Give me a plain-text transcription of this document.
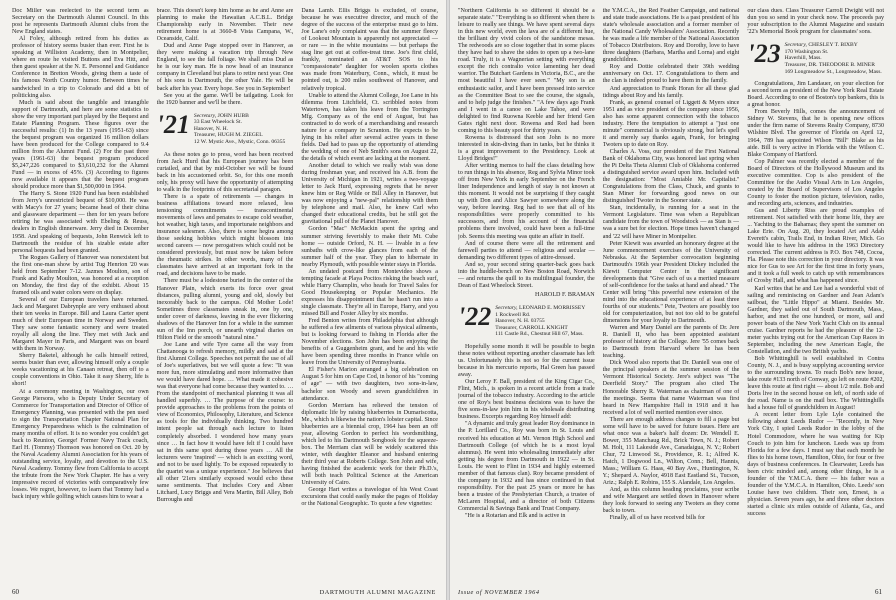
Doc Miller was reelected to the second term as Secretary on the Dartmouth Alumni Council. In this post he represents Dartmouth Alumni clubs from the New England states.

Al Foley, although retired from his duties as professor of history seems busier than ever. First he is speaking at Williston Academy, then in Montpelier, where en route he visited Buttons and Eva Hitt, and then guest speaker at the N. E. Personnel and Guidance Conference in Bretton Woods, giving them a taste of his famous North Country humor. Between times he sandwiched in a trip to Colorado and did a bit of politicking also.

Much is said about the tangible and intangible support of Dartmouth, and here are some statistics to show the very important part played by the Bequest and Estate Planning Program. These figures over the successful results: (1) In the 13 years (1951-63) since the bequest program was organized 16 million dollars have been produced for the College compared to 9.4 million from the Alumni Fund. (2) For the past three years (1961-63) the bequest program produced $5,247,226 compared to $3,610,232 for the Alumni Fund — in excess of 45%. (3) According to figures now available it appears that the bequest program should produce more than $1,500,000 in 1964.

The Harry S. Stone 1920 Fund has been established from Jerry's unrestricted bequest of $10,000. He was with Macy's for 27 years; became head of their china and glassware department — then for ten years before retiring he was associated with Ebeling & Reuss, dealers in English dinnerware. Jerry died in December 1958. And speaking of bequests, John Renwick left to Dartmouth the residue of his sizable estate after personal bequests had been granted.

The Rogues Gallery of Hanover was nonexistent but the first one-man show by artist Tug Henrion '20 was held from September 7-12. Jazmes Moulton, son of Frank and Kathy Moulton, was honored at a reception on Monday, the first day of the exhibit. About 15 framed oils and water colors were on display.

Several of our European travelers have returned. Jack and Margaret Dabrynple are very enthused about their ten weeks in Europe. Bill and Laura Carter spent much of their European time in Norway and Sweden. They saw some fantastic scenery and were treated royally all along the line. They met with Jack and Margaret Mayer in Paris, and Margaret was on board with them in Norway.

Sherry Baketel, although he calls himself retired, seems busier than ever, allowing himself only a couple weeks vacationing at his Canaan retreat, then off to a couple conventions in Ohio. Take it easy Sherry, life is short!

At a ceremony meeting in Washington, our own George Piersons, who is Deputy Under Secretary of Commerce for Transportation and Director of Office of Emergency Planning, was presented with the pen used to sign the Transportation Chapter National Plan for Emergency Preparedness which is the culmination of many months of effort. It is no wonder you couldn't get back to Reunion, George! Former Navy Track coach, Earl H. (Tommy) Thomson was honored on Oct. 20 by the Naval Academy Alumni Association for his years of outstanding service, loyalty, and devotion to the U.S. Naval Academy. Tommy flew from California to accept the tribute from the New York Chapter. He has a very impressive record of victories with comparatively few losses. We regret, however, to learn that Tommy had a back injury while golfing which causes him to wear a

brace. This doesn't keep him home as he and Anne are planning to make the Hawaiian A.C.B.L. Bridge Championship early in November. Their new retirement home is at 3660-8 Vista Campana, W., Oceanside, Calif.

Dud and Anne Page stopped over in Hanover, as they were making a vacation trip through New England, to see the fall foliage. We shall miss Dud as he is our key man. He is now head of an insurance company in Cleveland but plans to retire next year. One of his sons is Dartmouth, the other Yale. He will be back after his year. Every hope. See you in September!

See you at the game. We'll be tailgating. Look for the 1920 banner and we'll be there.

'21 Secretary, JOHN HUBB
33 East Wheelock St.
Hanover, N. H.
Treasurer, HUGH M. ZIEGEL
12 W. Mystic Ave., Mystic, Conn. 06355

As these notes go to press, word has been received from Jack Hurd that his European journey has been curtailed, and that by mid-October we will be found back in his accustomed orbit. So, for this one month only, his proxy will have the opportunity of attempting to walk in the footprints of this secretarial paragon.

There is a spate of retirements — changes in business affiliations toward more relaxed, less tensioning commitments — transcontinental movements of laws and penates to escape cold weather, hot weather, high taxes, and importunate neighbors and insurance salesmen. Also, there is some hegira among those seeking hobbies which might blossom into second careers — now perogatives which could not be considered previously, but must now be taken before the rheumatic strikes. In other words, many of the classmates have arrived at an important fork in the road, and decisions have to be made.

There must be a lodestone buried in the center of the Hanover Plain, which exerts its force over great distances, pulling alumni, young and old, slowly but inexorably back to the campus. Old Mother Lode! Sometimes three classmates sneak in, one by one, under cover of darkness, leaving in the ever flickering shadows of the Hanover Inn for a while in the summer sun of the Inn porch, or unearth virginal diaries on Hilton Field or the smooth "natural nine."

Joe Lane and wife Tyre came all the way from Chattanooga to refresh memory, mildly and said at the first Alumni College. Speeches not permit the use of all of Joe's superlatives, but we will quote a few: "It was more fun, more stimulating and more informative than we would have dared hope. … What made it cohesive was that everyone had come because they wanted to. … From the standpoint of mechanical planning it was all handled superbly. … The purpose of the course: to provide approaches to the problems from the points of view of Economics, Philosophy, Literature, and Science as tools for the individually thinking. Two hundred intent people sat through each lecture to listen completely absorbed. I wondered how many years since … In fact how it would have felt if I could have sat in this same spot during those years … All the lecturers were 'inspired' — which is an exciting word, and not to be used lightly. To be exposed repeatedly to the quartet was a unique experience." Joe believes that all other '21ers similarly exposed would echo these same sentiments. That includes Cory and Abner Litchard, Lucy Briggs and Vera Martin, Bill Alley, Bob Burroughs and

Dana Lamb. Ellis Briggs is excluded, of course, because he was executive director, and much of the degree of the success of the enterprise must go to him. Joe Lane's only complaint was that the summer fleecy of Lookout Mountain is apparently not appreciated — or rare — in the white mountains — but perhaps the stag line get out at coffee-treat time. Joe's first child, frankly, nominated an AT&T SOS to his "compassionate" daughter for woolen sports clothes was made from Waterbury, Conn., which, it must be pointed out, is 200 miles southwest of Hanover, and relatively tropical.

Unable to attend the Alumni College, Joe Lane in his dilemma from Litchfield, Ct. scribbled notes from Watertown, has taken his leave from the Torrington Mfg. Company as of the end of August, but has contracted to do work of a merchandising and research nature for a company in Scranton. He expects to be lying in his relief after several active years in these fields. Dad had to pass up the opportunity of attending the wedding of one of Neb Smith's sons on August 22, the details of which event are lacking at the moment.

Another detail to which we really wish was done during freshman year, and received his A.B. from the University of Michigan in 1921, writes a two-voyage letter to Jack Hurd, expressing regrets that he never knew him or Reg Wilde or Bill Alley in Hanover, but was now enjoying a "new-pal" relationship with them by telephone and mail. Also, he knew Carl who changed their educational credits, but he still got the gravitational pull of the Planet Hanover.

Gordon "Mac" McMackin spent the spring and summer striving feverishly to make their Mt. Cube home — outside Orford, N. H. — livable in a few sunbaths with crow-like glances from each of the summer half of the year. They plan to hibernate in nearby Plymouth, with possible winter stays in Florida.

An undated postcard from Montevideo shows a tempting facade at Playa Pocitos risking the beach surf, while Harry Champlin, who heads for Travel Sales for Good Housekeeping or Popular Mechanics. He expresses his disappointment that he hasn't run into a single classmate. They're all in Europe, Harry, and you missed Bill and Foster Alley by six months.

Fred Benton writes from Philadelphia that although he suffered a few ailments of various physical ailments, but is looking forward to fishing in Florida after the November elections. Son John has been enjoying the benefits of a Guggenheim grant, and he and his wife have been spending three months in France while on leave from the University of Pennsylvania.

El Fisher's Marion arranged a big celebration on August 5 for him on Cape Cod, in honor of his "coming of age" — with two daughters, two sons-in-law, bachelor son Woody and seven grandchildren in attendance.

Gordon Merriam has relieved the tension of diplomatic life by raising blueberries in Dumariscotta, Me., which is likewise the nation's lobster capital. Since blueberries are a biennial crop, 1964 has been an off year, allowing Gordon to perfect his wordsmithing, which led to his Dartmouth Songbook for the squeeze-box. The Merriam clan will be widely scattered this winter, with daughter Eleanor and husband entering their third year at Roberts College. Son John and wife, having finished the academic work for their Ph.D.'s, will both teach Political Science at the American University of Cairo.

George Hart writes a travelogue of his West Coast excursions that could easily make the pages of Holiday or the National Geographic. To quote a few vignettes:

60	DARTMOUTH ALUMNI MAGAZINE

"Northern California is so different it should be a separate state." "Everything is so different when there is leisure to really see things. We have spent several days in this new world, even the lava are of a different hue, the brilliant dry vivid colors of the sandstone mesas. The redwoods are so close together that in some places they have had to shave the sides to open up a two-lane road. Truly, it is a Wagnerian setting with everything except the rich contralto voice lamenting her dead warrior. The Butchart Gardens in Victoria, B.C., are the most beautiful I have ever seen." "My son is an enthusiastic sailor, and I have been pressed into service as the Committee Boat to see the course, the signals, and to help judge the finishes." "A few days ago Frank and I went in a canoe on Lake Tahoe, and were delighted to find Ruowna Keeble and her friend Gen Gates right next door. Rowena and Red had been coming to this beauty spot for thirty years.

Rowena is distressed that son John is no more interested in skin-diving than in tanks, but he thinks it is a great improvement to the Presidency. Look at Lloyd Bridges!"

After writing memos to half the class detailing how to run things in his absence, Reg and Sylvia Minor took off from New York in early September on the French liner Independence and length of stay is not known at this moment. It would not be surprising if they caught up with Don and Alice Sawyer somewhere along the way, before leaving. Reg had to see that all of his responsibilities were properly committed to his successors, and from his account of the financial problems there involved, could have been a full-time job. Seems this meeting was quite an affair in itself.

And of course there were all the retirement and farewell parties to attend — religious and secular — demanding two different types of attire-dressed.

And so, your second string quarter-back goes back into the huddle-bench on New Boston Road, Norwich — and returns the quill to its multilingual founder, the Dean of East Wheelock Street.

HAROLD F. BRAMAN
'22 Secretary, LEONARD E. MORRISSEY
1 Rockwell Rd.
Hanover, N. H. 03755
Treasurer, CARROLL KNIGHT
111 Castle Rd., Chestnut Hill 67, Mass.

Hopefully some month it will be possible to begin these notes without reporting another classmate has left us. Unfortunately this is not so for the current issue because in his mercurio reports, Hal Green has passed away.

Our Leroy F. Ball, president of the King Cigar Co., Flint, Mich., is spoken in a recent article from a trade journal of the tobacco industry. According to the article one of Roy's best business decisions was to have the five sons-in-law join him in his wholesale distributing business. Excerpts regarding Roy himself add:

"A dynamic and truly great leader Roy dominance in the P. Lorillard Co., Roy was born in St. Louis and received his education at Mt. Vernon High School and Dartmouth College (of which he is a most loyal alumnus). He went into wholesaling immediately after getting his degree from Dartmouth in 1922 — in St. Louis. He went to Flint in 1934 and highly esteemed member of that famous clan). Roy became president of the company in 1932 and has since continued in that responsibility. For the past 25 years or more he has been a trustee of the Presbyterian Church, a trustee of McLaren Hospital, and a director of both Citizens Commercial & Savings Bank and Trust Company.

"He is a Rotarian and Elk and is active in

the Y.M.C.A., the Red Feather Campaign, and national and state trade associations. He is a past president of his state's wholesale association and a former member of the National Candy Wholesalers' Association. Recently he was made a life member of the National Association of Tobacco Distributors. Roy and Dorothy, love to have three daughters (Barbara, Martha and Lorna) and eight grandchildren.

Roy and Dottie celebrated their 39th wedding anniversary on Oct. 17. Congratulations to them and the clan is indeed proud to have them in the family.

And appreciation to Frank Horan for all these glad tidings about Roy and his family.

Frank, as general counsel of Liggett & Myers since 1951 and as vice president of the company since 1956, also has some apparent connection with the tobacco industry. Here the temptation to attempt a "just one minute" commercial is obviously strong, but let's spell it and merely say thanks again, Frank, for bringing Twoters up to date on Roy.

Charles A. Voss, our president of the First National Bank of Oklahoma City, was honored last spring when the Pi Delta Theta Alumni Club of Oklahoma conferred a distinguished service award upon him. Included with the designation: "Most Amiable Mr. Capitalist." Congratulations from the Class, Chuck, and grants to Stan Miner for forwarding good news on our distinguished Twoter in the Sooner state.

Stan, incidentally, is running for a seat in the Vermont Legislature. Time was when a Republican candidate from the town of Woodstock — as Stan is — was a sure bet for election. Hope times haven't changed and '22 will have Miner in Montpelier.

Peter Kiewit was awarded an honorary degree at the June commencement exercises of the University of Nebraska. At the September convocation beginning Dartmouth's 196th year President Dickey included the Kiewit Computer Center in the significant developments that "Give each of us a merited measure of self-confidence for the tasks at hand and ahead." The Center will bring "this powerful new extension of the mind into the educational experience of at least three fourths of our students." Pete, Twoters are possibly too old for computerization, but not too old to be grateful dimensions for your loyalty to Dartmouth.

Warren and Mary Daniel are the parents of Dr. Jere R. Daniell II, who has been appointed assistant professor of history at the College. Jere '55 comes back to Dartmouth from Harvard where he has been teaching.

Dick Wood also reports that Dr. Daniell was one of the principal speakers at the summer session of the Vermont Historical Society. Jere's subject was "The Deerfield Story." The program also cited The Honorable Sherry R. Waterman as chairman of one of the meetings. Seems that name Waterman was first heard in New Hampshire Hall in 1918 and it has received a lot of well merited mention ever since.

There are enough address changes to fill a page but some will have to be saved for future issues. Here are what once was a baker's half dozen: Dr. Wendell E. Bower, 355 Manchaug Rd., Brick Town, N. J.; Robert M. Holt, 111 Lakeside Ave., Canadaigua, N. Y.; Robert Chur, 72 Linwood St., Providence, R. I.; Alfred K. Hatch, 1 Dogwood Ln., Wilton, Conn.; Bell, Hannis, Mass.; William G. Haas, 40 Bay Ave., Huntington, N. Y.; Shepard A. Naylor, 4918 East Eastland St., Tucson, Ariz.; Ralph E. Robins, 155 S. Alandale, Los Angeles.

And, as this column heading proclaims, your scribe and wife Margaret are settled down in Hanover where they look forward to seeing any Twoters as they come back to town.

Finally, all of us have received bills for

our class dues. Class Treasurer Carroll Dwight will not dun you so send in your check now. The proceeds pay your subscription to the Alumni Magazine and sustain '22's Memorial Book program for classmates' sons.

'23 Secretary, CHESLEY T. BIXBY
170 Washington St.
Haverhill, Mass.
Treasurer, DR. THEODORE B. MINER
169 Longmeadow St., Longmeadow, Mass.

Congratulations, Jim Landauer, on your election for a second term as president of the New York Real Estate Board. According to one of Boston's top bankers, this is a great honor.

From Beverly Hills, comes the announcement of Sidney W. Stevens, that he is opening new offices under the firm name of Stevens Realty Company, 8730 Wilshire Blvd. The governor of Florida on April 12, 1964, 789 has appointed Wilson "Bill" Blake as his aide. Bill is very active in Florida with the Wilson C. Blake Company of Hartford.

Cop Palmer was recently elected a member of the Board of Directors of the Hollywood Museum and its executive committee. Cop is also president of the Committee for the Audio Visual Arts in Los Angeles, created by the Board of Supervisors of Los Angeles County to foster the motion picture, television, radio, and recording arts, sciences, and industries.

Gus and Liberty Riss are proud examples of retirement. Not satisfied with their home life, they are ... Yachting to the Bahamas; they spent the summer on Lake Erie. On Aug. 20, they located Art and Adah Everett's cabin, Trails End, in Indian River, Mich. Go would like to have his address in the 1963 Directory corrected. The current address is P.O. Box 748, Cocoa, Fla. Please note this correction in your directory. It was nice for Gus to see Art for the first time in forty years, and it took a full week to catch up with remembrances of Crosby Hall, and what has happened since.

Karl writes that he and Lee had a wonderful visit of sailing and reminiscing on Gardner and Jean Adam's sailboat, the "Little Hippo" at Miami. Besides Mr. Gardner, they sailed out of South Dartmouth, Mass., harbor, and met the one hundred, or more, sail and power boats of the New York Yacht Club on its annual cruise. Gardner reports he had the pleasure of the 12-meter yachts trying out for the American Cup Races in September, including the new American Eagle, the Constellation, and the two British yachts.

Bob Whittinghill is well established in Contra County, N. J., and is busy supplying accounting service to the surrounding towns. To reach Bob's new house, take route #133 north of Conway, go left on route #202, leave this route at first right — about 1/2 mile. Bob and Doris live in the second house on left, of north side of the road. Name is on the mail box. The Whittinghills had a house full of grandchildren in August!

A recent letter from Lyle Lyle contained the following about Leeds Rudor — "Recently, in New York City, I spied Leeds Rudor in the lobby of the Hotel Commodore, where he was waiting for Kip Couch to join him for luncheon. Leeds was up from Florida for a few days. I must say that each month he flies to his home town, Hamilton, Ohio, for four or five days of business conferences. In Clearwater, Leeds has been civic minded and, among other things, he is a founder of the Y.M.C.A. there — his father was a founder of the Y.M.C.A. in Hamilton, Ohio. Leeds' son Louise have two children. Their son, Ernest, is a physician. Seven years ago, he and three other doctors started a clinic six miles outside of Atlanta, Ga., and success

Issue of NOVEMBER 1964	61
